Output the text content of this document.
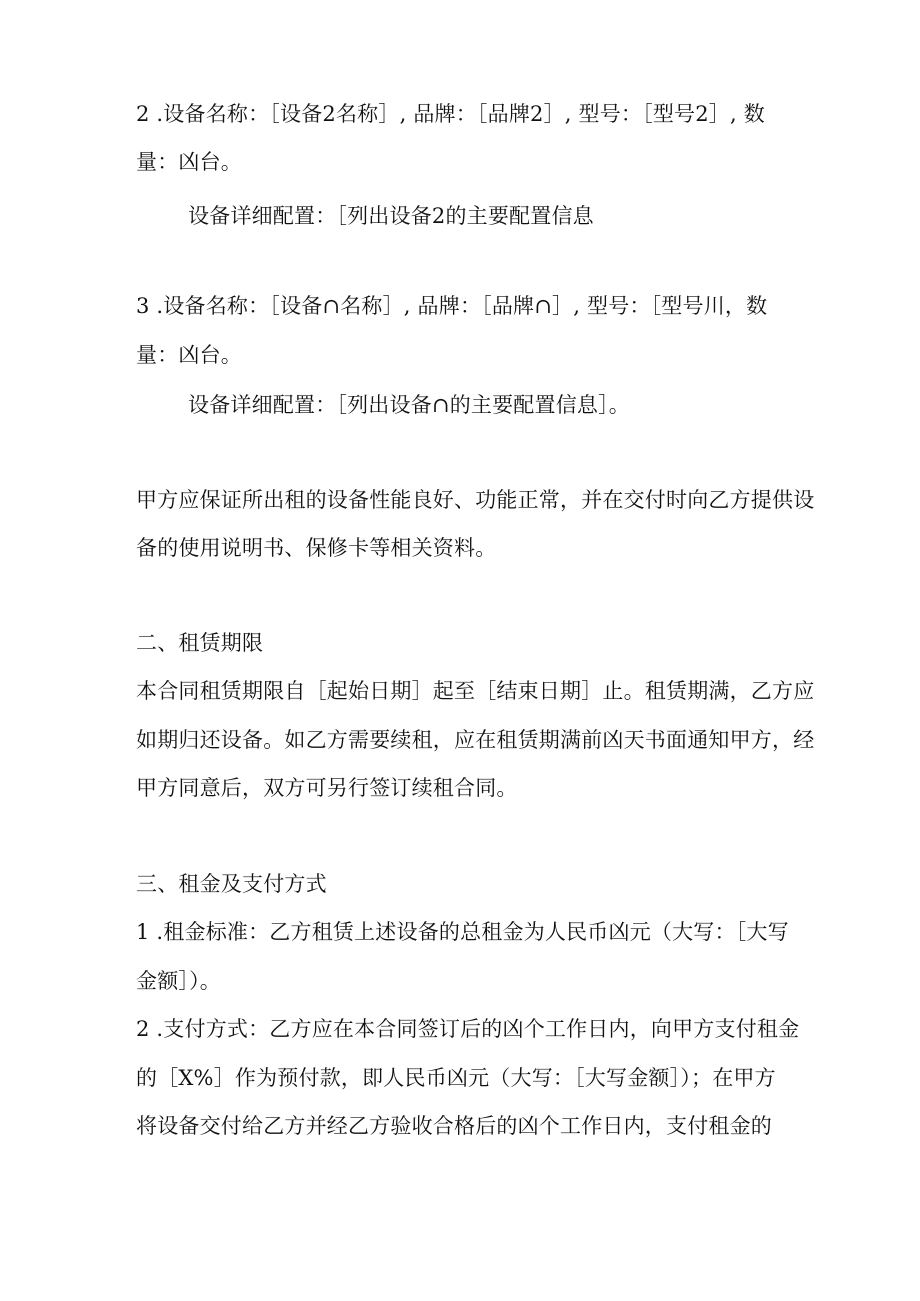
2 .设备名称：［设备2名称］, 品牌：［品牌2］, 型号：［型号2］, 数
量：凶台。
设备详细配置：［列出设备2的主要配置信息
3 .设备名称：［设备∩名称］, 品牌：［品牌∩］, 型号：［型号川，数
量：凶台。
设备详细配置：［列出设备∩的主要配置信息］。
甲方应保证所出租的设备性能良好、功能正常，并在交付时向乙方提供设
备的使用说明书、保修卡等相关资料。
二、租赁期限
本合同租赁期限自［起始日期］起至［结束日期］止。租赁期满，乙方应
如期归还设备。如乙方需要续租，应在租赁期满前凶天书面通知甲方，经
甲方同意后，双方可另行签订续租合同。
三、租金及支付方式
1 .租金标准：乙方租赁上述设备的总租金为人民币凶元（大写：［大写
金额］）。
2 .支付方式：乙方应在本合同签订后的凶个工作日内，向甲方支付租金
的［X%］作为预付款，即人民币凶元（大写：［大写金额］）；在甲方
将设备交付给乙方并经乙方验收合格后的凶个工作日内，支付租金的
